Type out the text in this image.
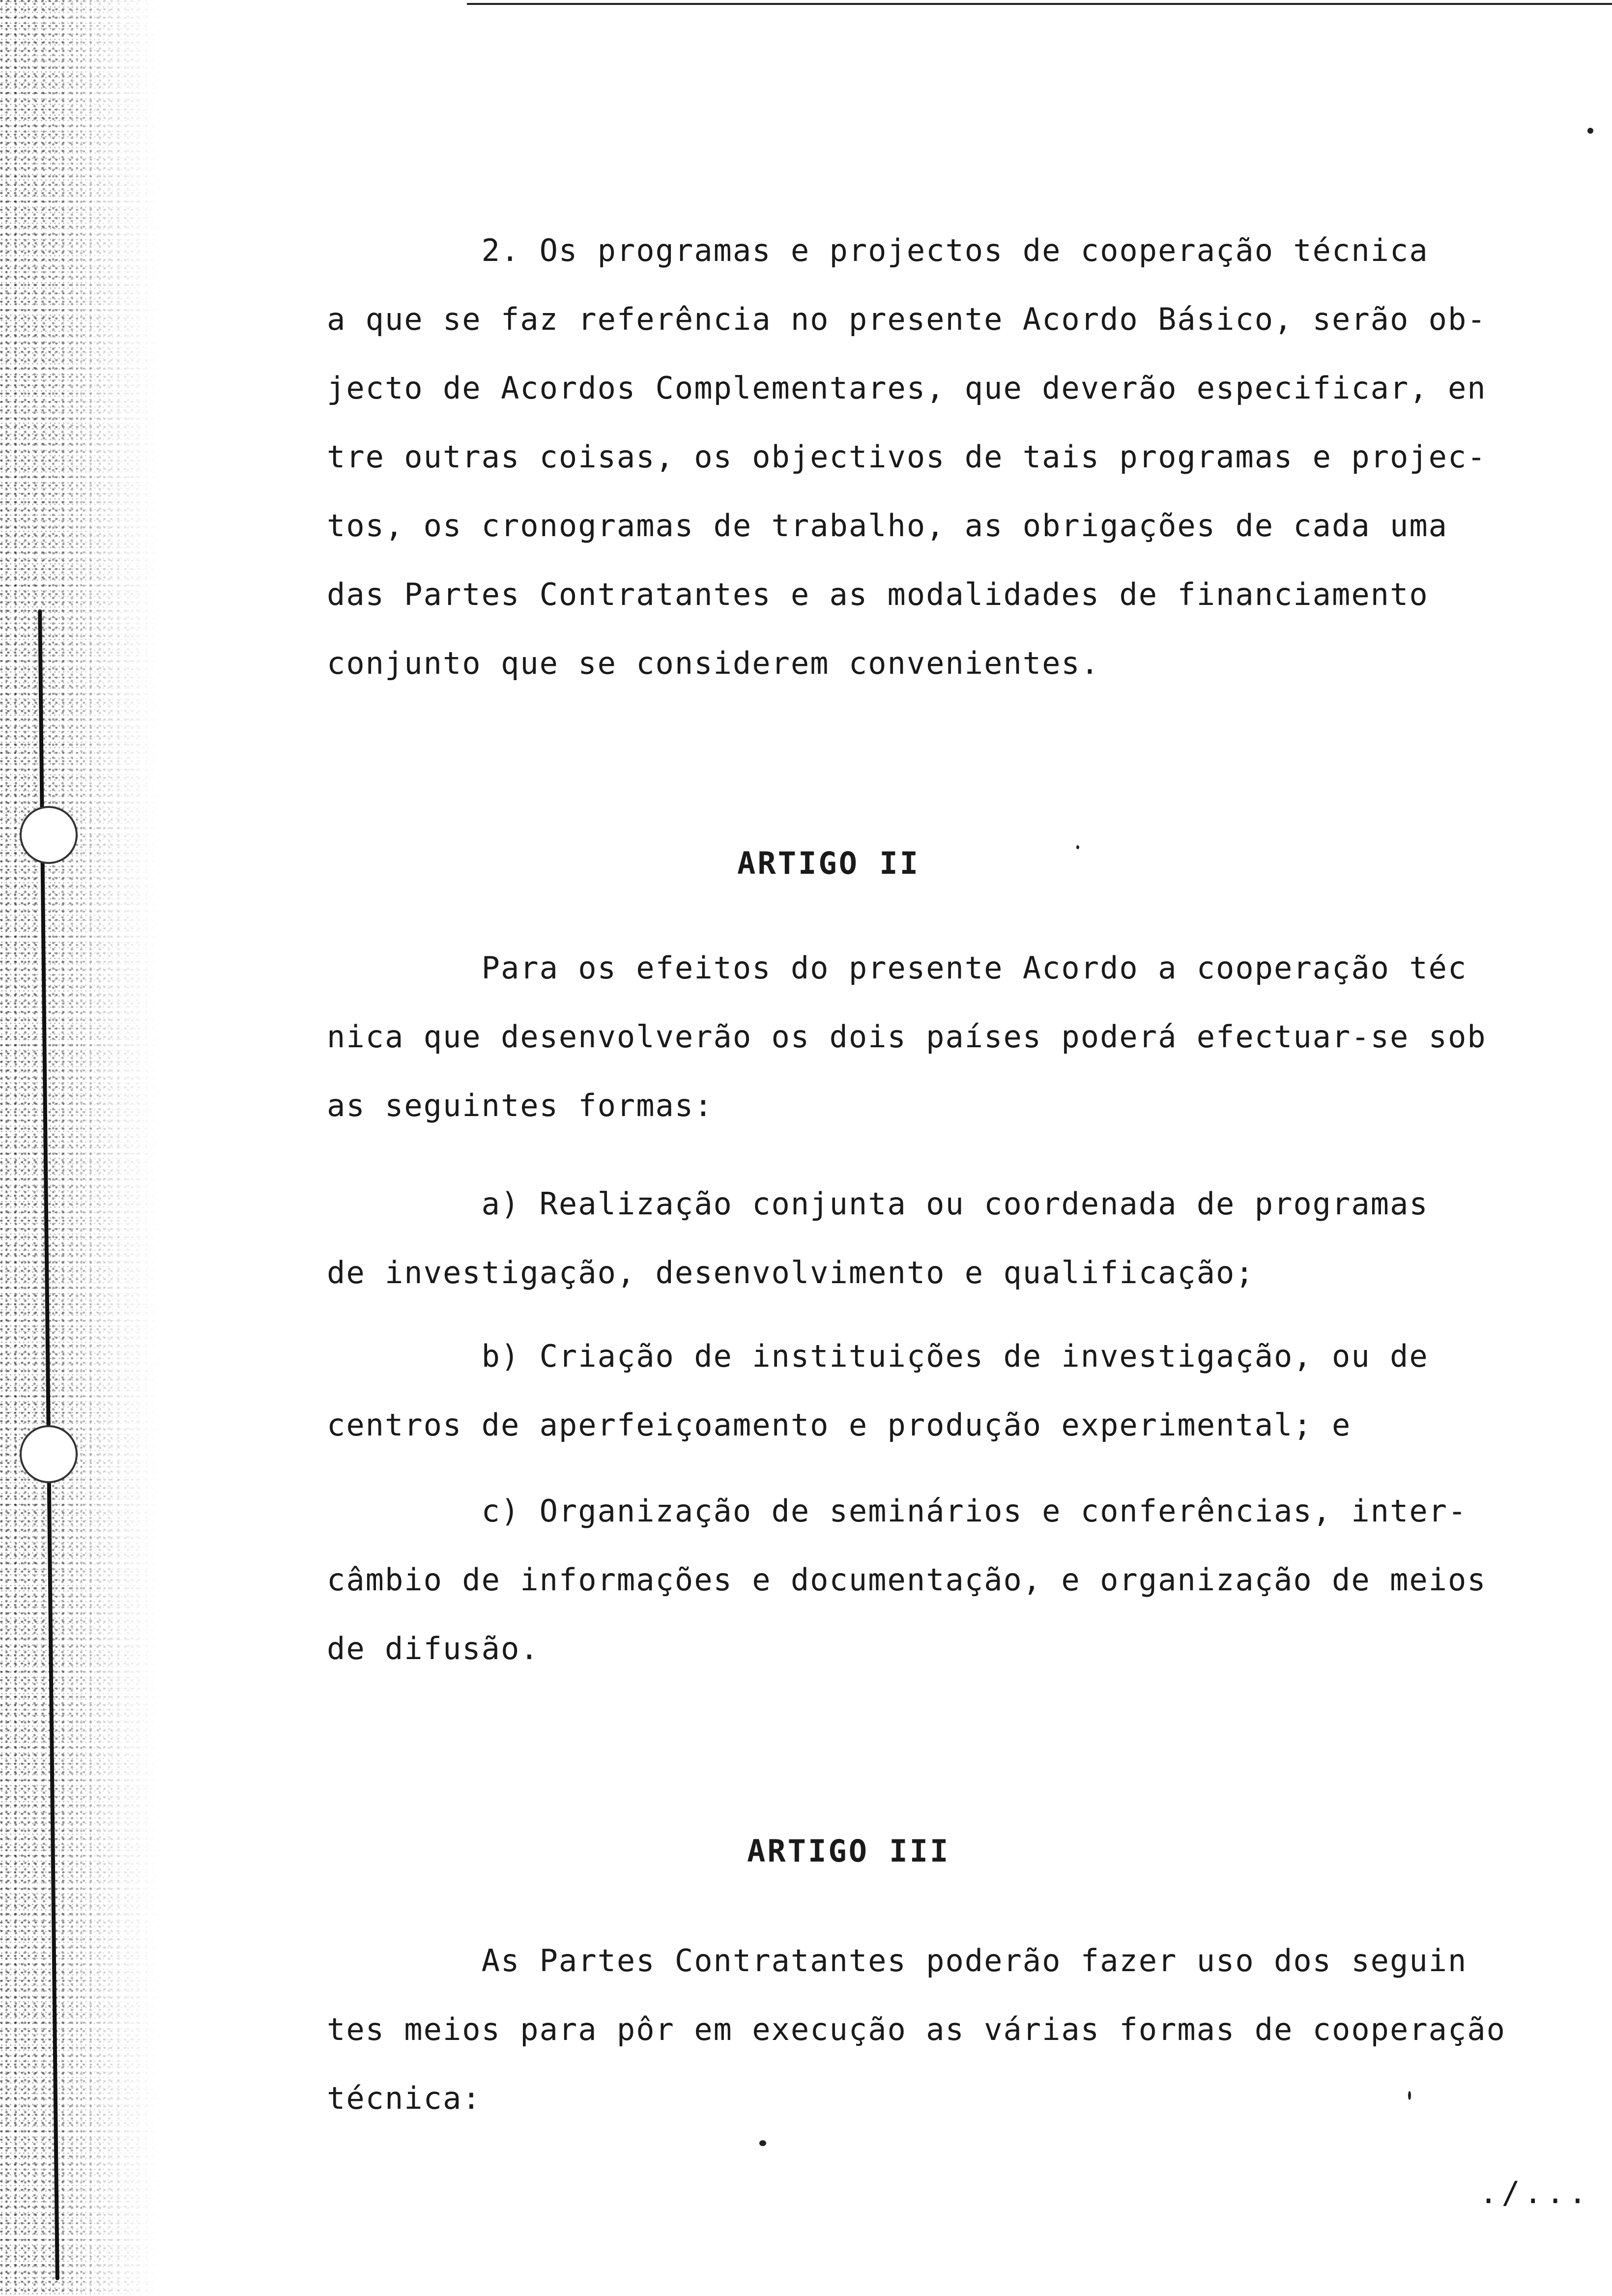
2. Os programas e projectos de cooperação técnica
a que se faz referência no presente Acordo Básico, serão ob-
jecto de Acordos Complementares, que deverão especificar, en
tre outras coisas, os objectivos de tais programas e projec-
tos, os cronogramas de trabalho, as obrigações de cada uma
das Partes Contratantes e as modalidades de financiamento
conjunto que se considerem convenientes.
ARTIGO II
Para os efeitos do presente Acordo a cooperação téc
nica que desenvolverão os dois países poderá efectuar-se sob
as seguintes formas:
a) Realização conjunta ou coordenada de programas
de investigação, desenvolvimento e qualificação;
b) Criação de instituições de investigação, ou de
centros de aperfeiçoamento e produção experimental; e
c) Organização de seminários e conferências, inter-
câmbio de informações e documentação, e organização de meios
de difusão.
ARTIGO III
As Partes Contratantes poderão fazer uso dos seguin
tes meios para pôr em execução as várias formas de cooperação
técnica:
./...
